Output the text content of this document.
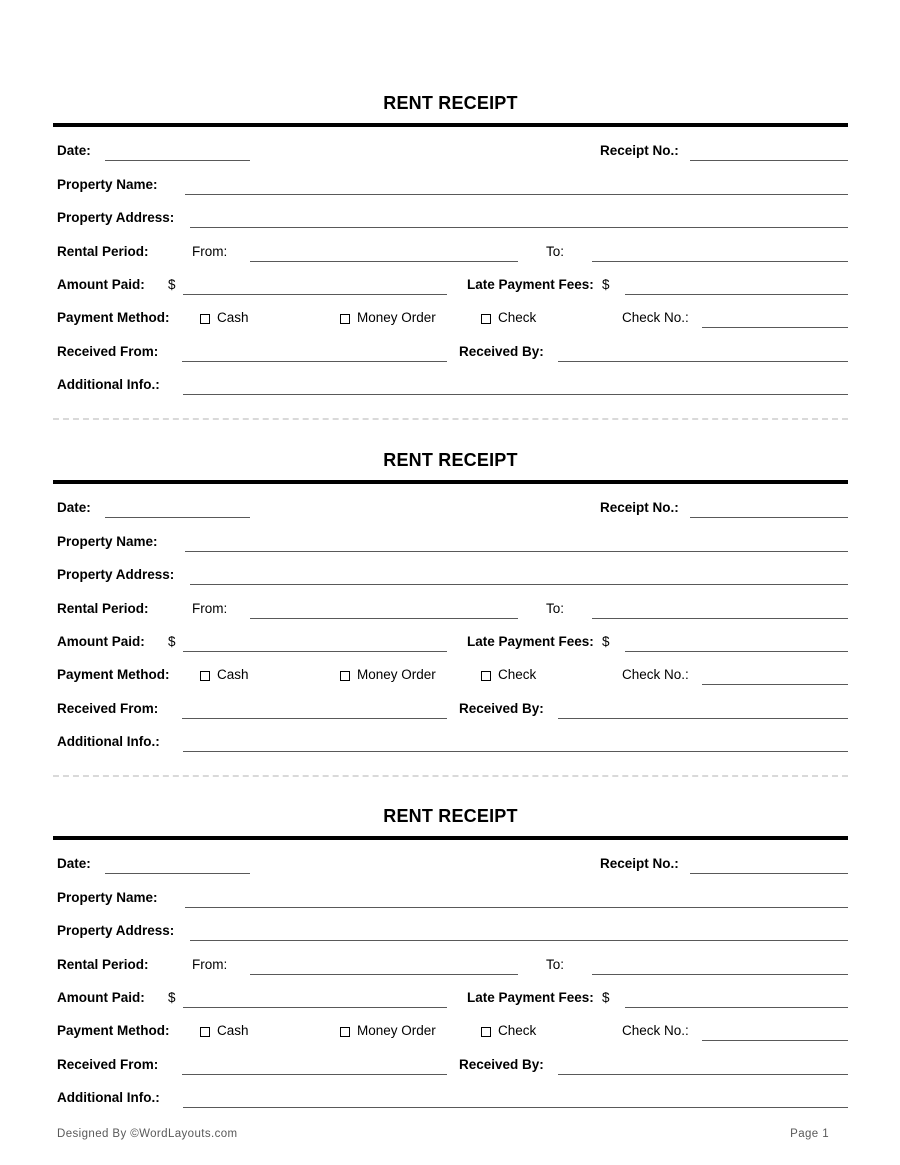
RENT RECEIPT
Date:	Receipt No.:
Property Name:
Property Address:
Rental Period:	From:	To:
Amount Paid:	$	Late Payment Fees: $
Payment Method:	Cash	Money Order	Check	Check No.:
Received From:	Received By:
Additional Info.:
RENT RECEIPT
Date:	Receipt No.:
Property Name:
Property Address:
Rental Period:	From:	To:
Amount Paid:	$	Late Payment Fees: $
Payment Method:	Cash	Money Order	Check	Check No.:
Received From:	Received By:
Additional Info.:
RENT RECEIPT
Date:	Receipt No.:
Property Name:
Property Address:
Rental Period:	From:	To:
Amount Paid:	$	Late Payment Fees: $
Payment Method:	Cash	Money Order	Check	Check No.:
Received From:	Received By:
Additional Info.:
Designed By ©WordLayouts.com	Page 1
